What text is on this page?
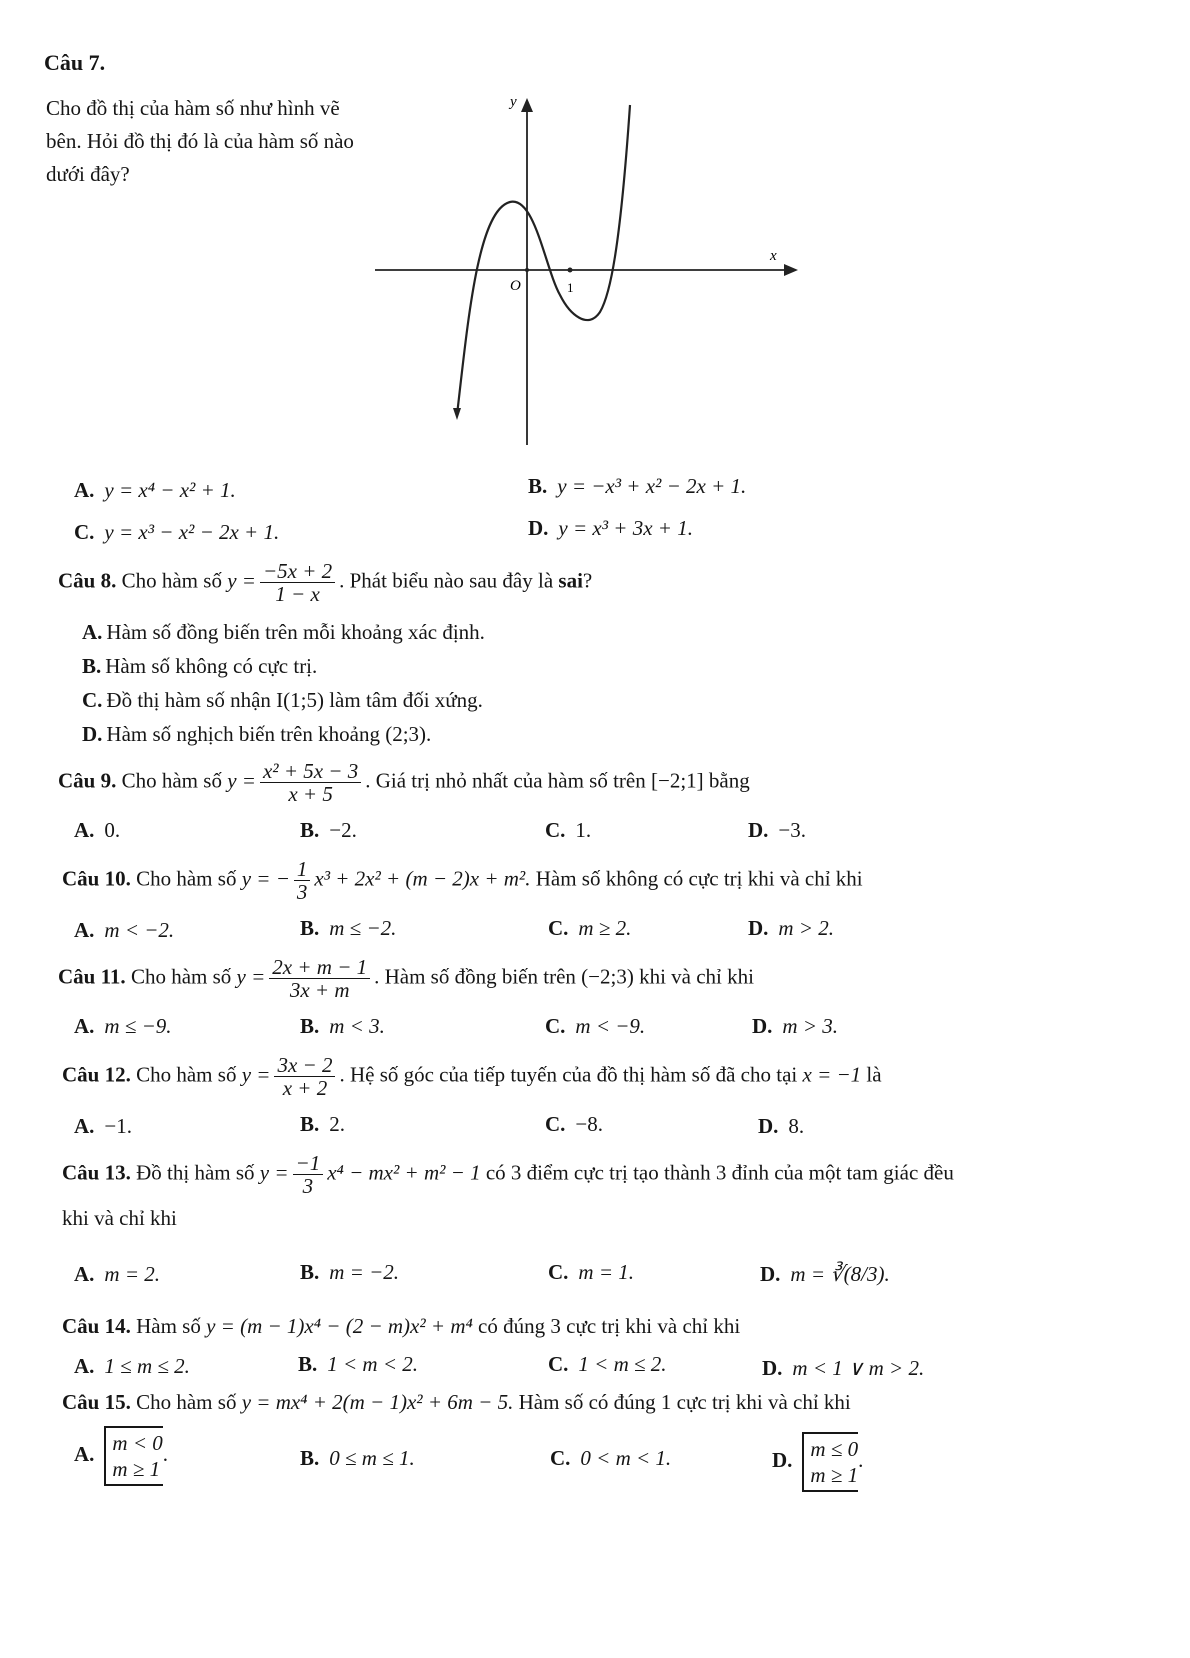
Câu 7.
Cho đồ thị của hàm số như hình vẽ bên. Hỏi đồ thị đó là của hàm số nào dưới đây?
x
y
O	1
A. y = x⁴ − x² + 1.	B. y = −x³ + x² − 2x + 1.
C. y = x³ − x² − 2x + 1.	D. y = x³ + 3x + 1.
Câu 8. Cho hàm số $y = \frac{-5x + 2}{1 - x}$ . Phát biểu nào sau đây là sai?
A. Hàm số đồng biến trên mỗi khoảng xác định.
B. Hàm số không có cực trị.
C. Đồ thị hàm số nhận I(1;5) làm tâm đối xứng.
D. Hàm số nghịch biến trên khoảng (2;3).
Câu 9. Cho hàm số $y = \frac{\text{x² + 5x − 3}}{x + 5}$ . Giá trị nhỏ nhất của hàm số trên [−2;1] bằng
A. 0.	B. −2.	C. 1.	D. −3.
Câu 10. Cho hàm số y = − $\frac{1}{3} x^3 + 2x^2 + (m - 2)x + m^2$. Hàm số không có cực trị khi và chỉ khi
A. m < −2.	B. m ≤ −2.	C. m ≥ 2.	D. m > 2.
Câu 11. Cho hàm số $y = \frac{2x + m - 1}{3x + m}$ . Hàm số đồng biến trên (−2;3) khi và chỉ khi
A. m ≤ −9.	B. m < 3.	C. m < −9.	D. m > 3.
Câu 12. Cho hàm số $y = \frac{3x - 2}{x + 2}$ . Hệ số góc của tiếp tuyến của đồ thị hàm số đã cho tại x = −1 là
A. −1.	B. 2.	C. −8.	D. 8.
Câu 13. Đồ thị hàm số $y = \frac{-1}{3} x^4 - mx^2 + m^2 - 1$ có 3 điểm cực trị tạo thành 3 đỉnh của một tam giác đều
khi và chỉ khi
A. m = 2.	B. m = −2.	C. m = 1.	D. m = ∛(8/3).
Câu 14. Hàm số y = (m − 1)x⁴ − (2 − m)x² + m⁴ có đúng 3 cực trị khi và chỉ khi
A. 1 ≤ m ≤ 2.	B. 1 < m < 2.	C. 1 < m ≤ 2.	D. m < 1 ∨ m > 2.
Câu 15. Cho hàm số y = mx⁴ + 2(m − 1)x² + 6m − 5. Hàm số có đúng 1 cực trị khi và chỉ khi
A. m < 0
m ≥ 1.	B. 0 ≤ m ≤ 1.	C. 0 < m < 1.	D. m ≤ 0
m ≥ 1.
